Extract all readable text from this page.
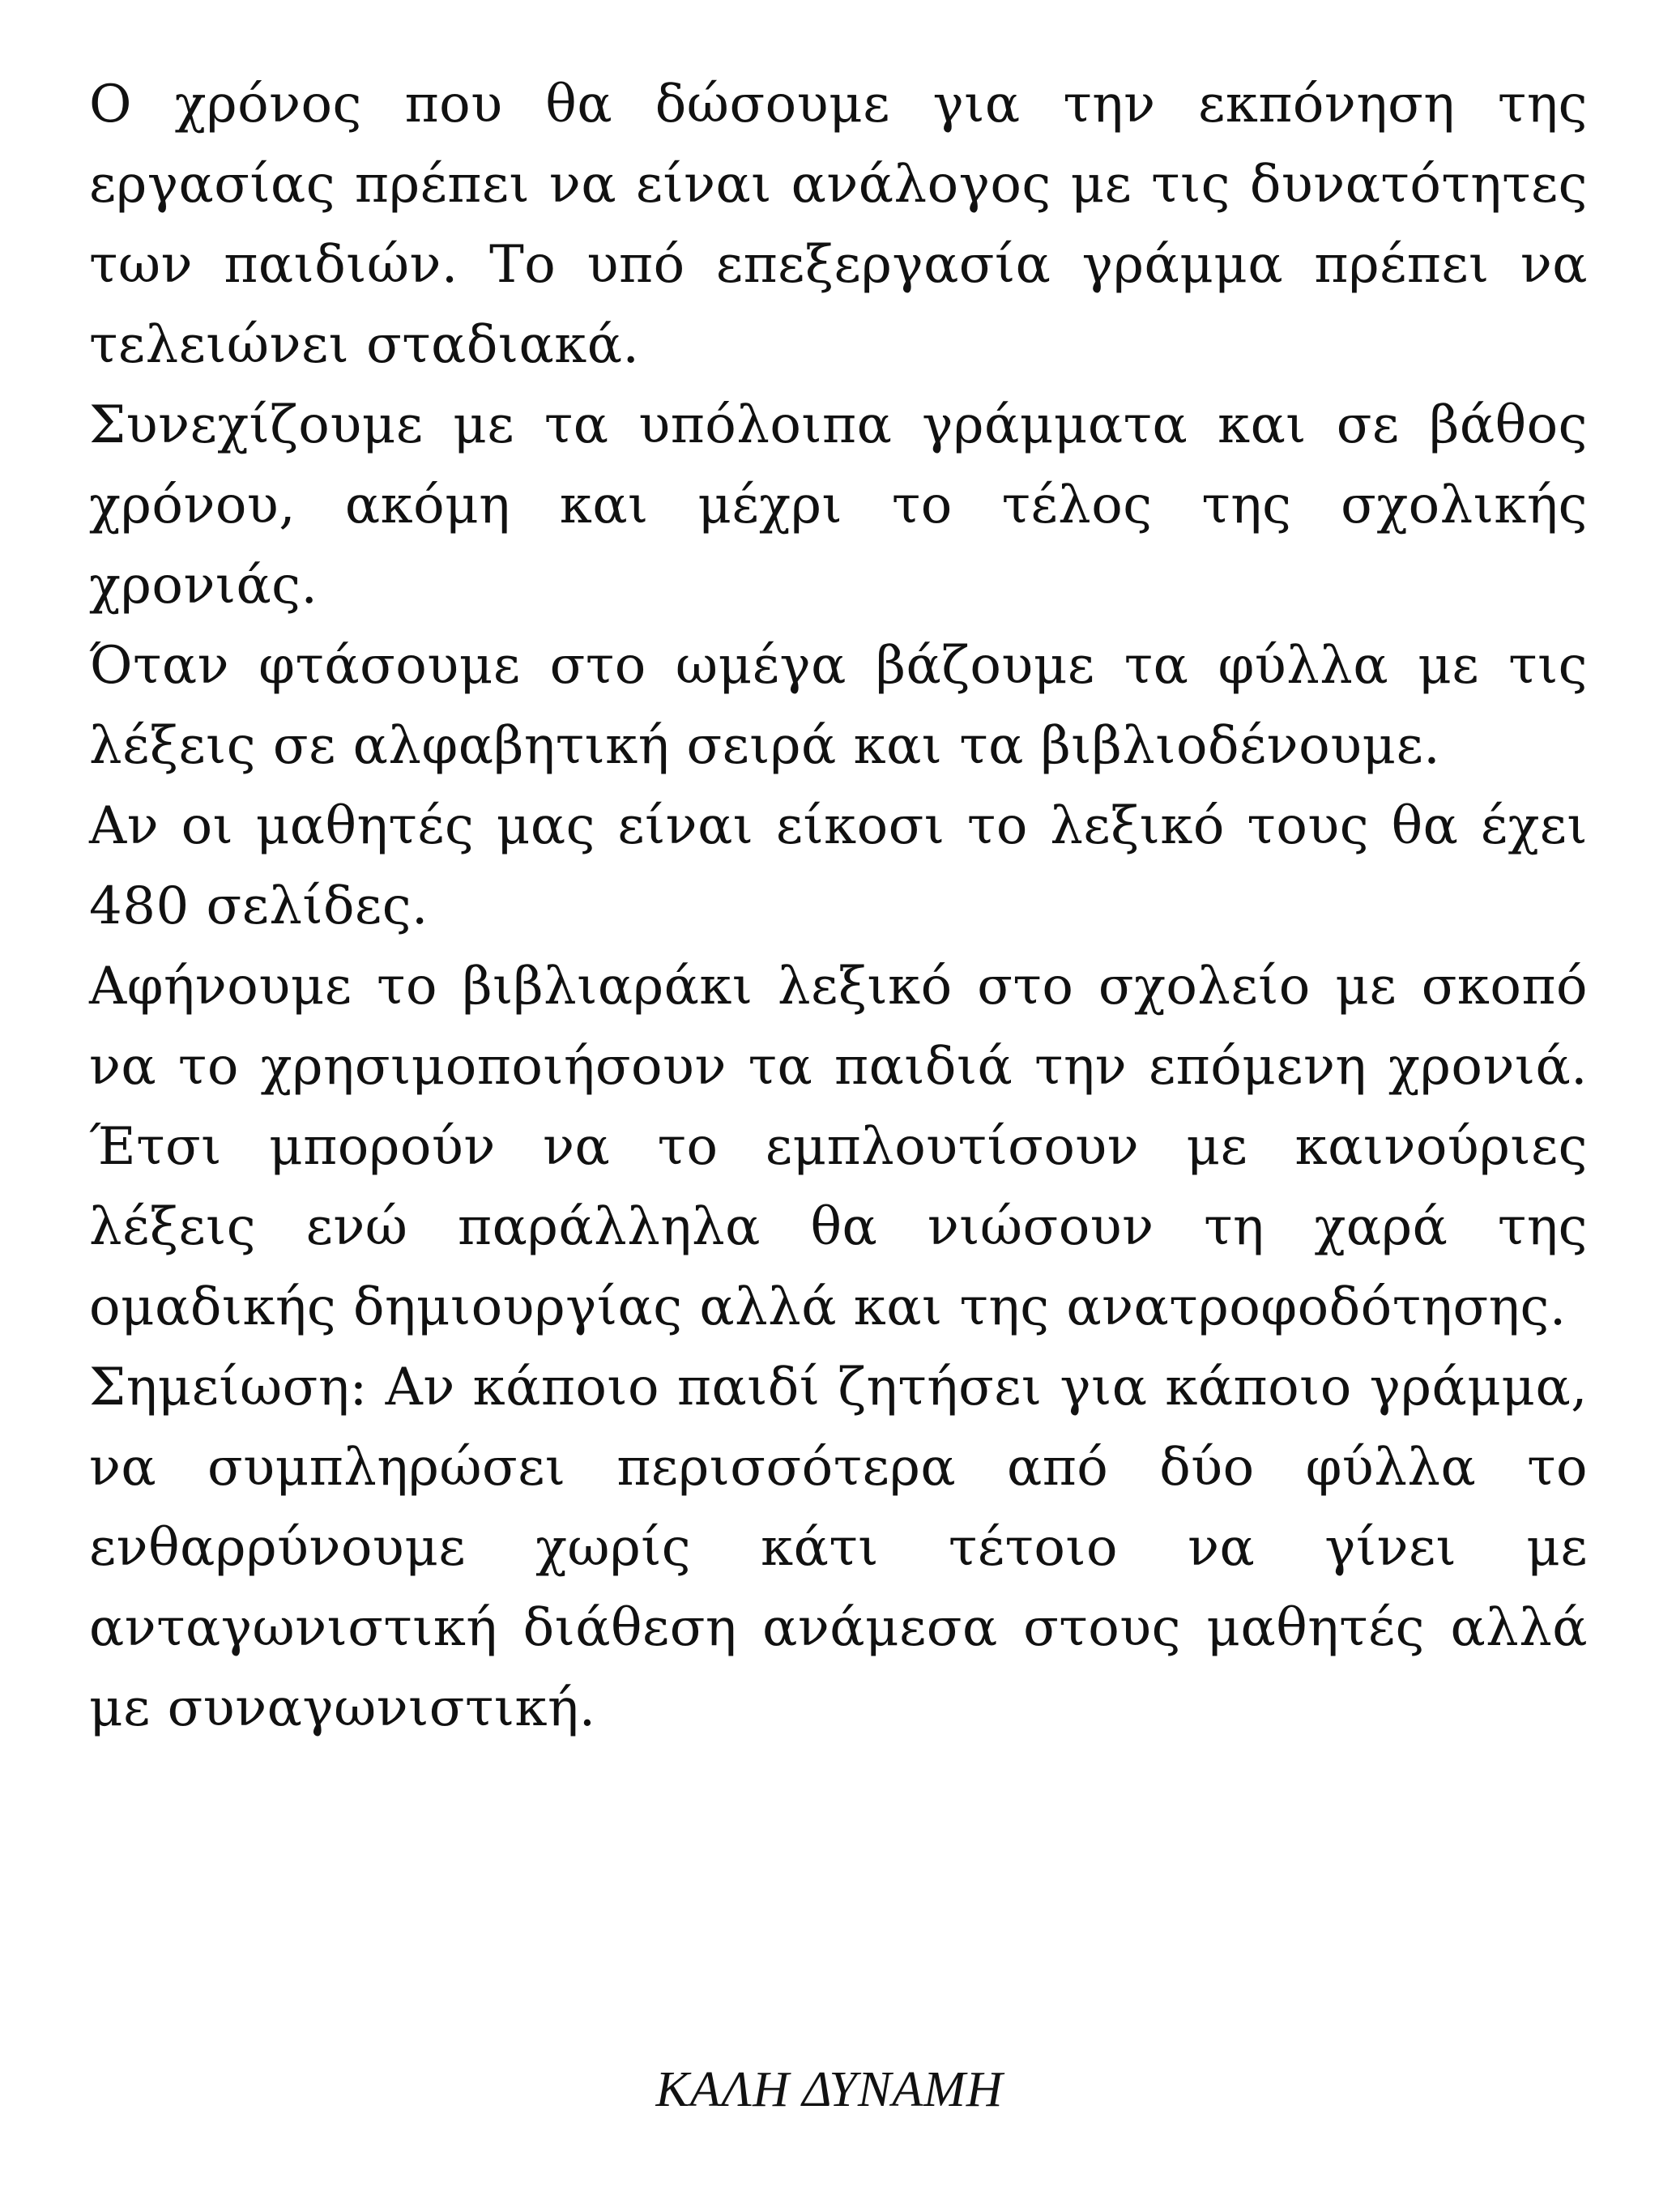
Ο χρόνος που θα δώσουμε για την εκπόνηση της εργασίας πρέπει να είναι ανάλογος με τις δυνατότητες των παιδιών. Το υπό επεξεργασία γράμμα πρέπει να τελειώνει σταδιακά.

Συνεχίζουμε με τα υπόλοιπα γράμματα και σε βάθος χρόνου, ακόμη και μέχρι το τέλος της σχολικής χρονιάς.

Όταν φτάσουμε στο ωμέγα βάζουμε τα φύλλα με τις λέξεις σε αλφαβητική σειρά και τα βιβλιοδένουμε.

Αν οι μαθητές μας είναι είκοσι το λεξικό τους θα έχει 480 σελίδες.

Αφήνουμε το βιβλιαράκι λεξικό στο σχολείο με σκοπό να το χρησιμοποιήσουν τα παιδιά την επόμενη χρονιά. Έτσι μπορούν να το εμπλουτίσουν με καινούριες λέξεις ενώ παράλληλα θα νιώσουν τη χαρά της ομαδικής δημιουργίας αλλά και της ανατροφοδότησης.

Σημείωση: Αν κάποιο παιδί ζητήσει για κάποιο γράμμα, να συμπληρώσει περισσότερα από δύο φύλλα το ενθαρρύνουμε χωρίς κάτι τέτοιο να γίνει με ανταγωνιστική διάθεση ανάμεσα στους μαθητές αλλά με συναγωνιστική.

ΚΑΛΗ ΔΥΝΑΜΗ
